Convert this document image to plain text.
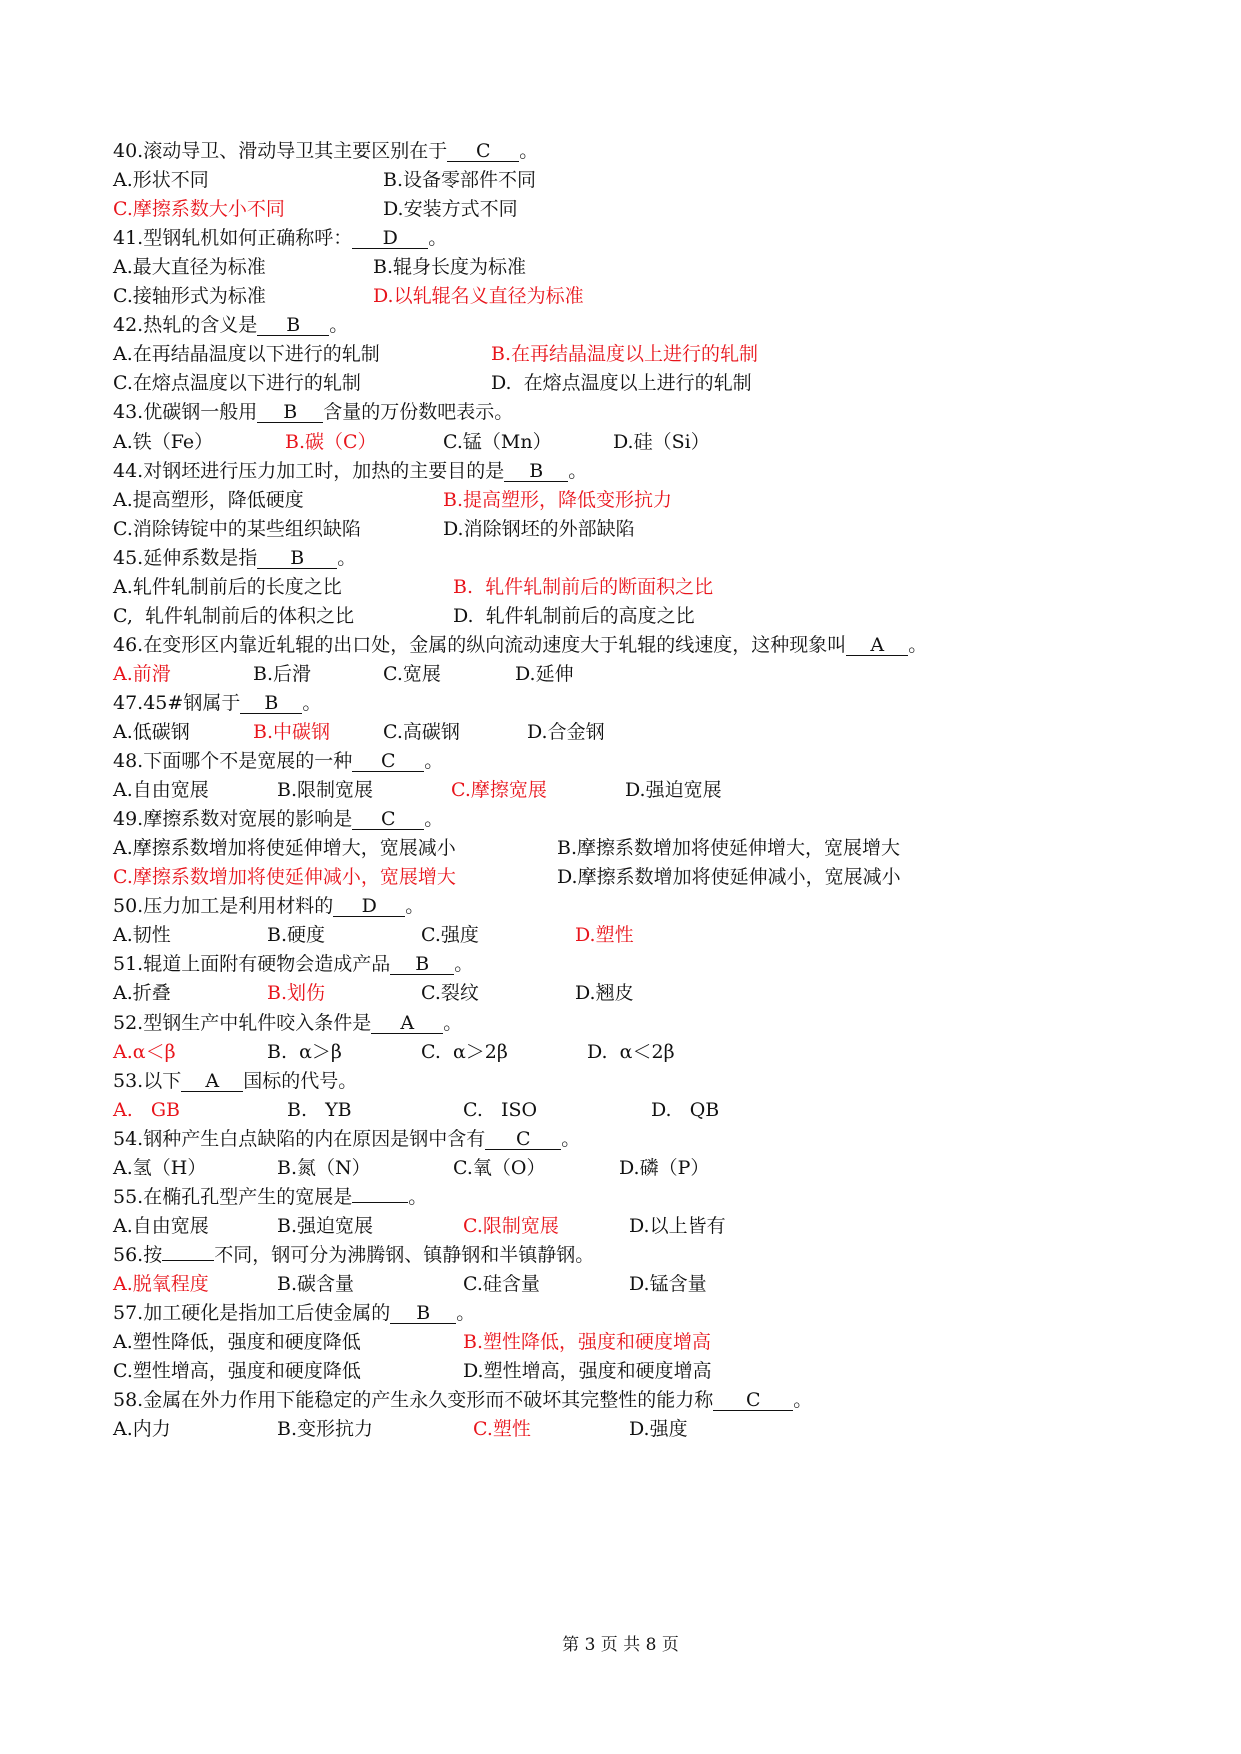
第 3 页 共 8 页
40.滚动导卫、滑动导卫其主要区别在于 C 。
A.形状不同	B.设备零部件不同
C.摩擦系数大小不同	D.安装方式不同
41.型钢轧机如何正确称呼： D 。
A.最大直径为标准	B.辊身长度为标准
C.接轴形式为标准	D.以轧辊名义直径为标准
42.热轧的含义是 B 。
A.在再结晶温度以下进行的轧制	B.在再结晶温度以上进行的轧制
C.在熔点温度以下进行的轧制	D.  在熔点温度以上进行的轧制
43.优碳钢一般用 B 含量的万份数吧表示。
A.铁（Fe）	B.碳（C）	C.锰（Mn）	D.硅（Si）
44.对钢坯进行压力加工时，加热的主要目的是 B 。
A.提高塑形，降低硬度	B.提高塑形，降低变形抗力
C.消除铸锭中的某些组织缺陷	D.消除钢坯的外部缺陷
45.延伸系数是指 B 。
A.轧件轧制前后的长度之比	B.  轧件轧制前后的断面积之比
C,  轧件轧制前后的体积之比	D.  轧件轧制前后的高度之比
46.在变形区内靠近轧辊的出口处，金属的纵向流动速度大于轧辊的线速度，这种现象叫 A 。
A.前滑	B.后滑	C.宽展	D.延伸
47.45#钢属于 B 。
A.低碳钢	B.中碳钢	C.高碳钢	D.合金钢
48.下面哪个不是宽展的一种 C 。
A.自由宽展	B.限制宽展	C.摩擦宽展	D.强迫宽展
49.摩擦系数对宽展的影响是 C 。
A.摩擦系数增加将使延伸增大，宽展减小	B.摩擦系数增加将使延伸增大，宽展增大
C.摩擦系数增加将使延伸减小，宽展增大	D.摩擦系数增加将使延伸减小，宽展减小
50.压力加工是利用材料的 D 。
A.韧性	B.硬度	C.强度	D.塑性
51.辊道上面附有硬物会造成产品 B 。
A.折叠	B.划伤	C.裂纹	D.翘皮
52.型钢生产中轧件咬入条件是 A 。
A.α＜β	B.  α＞β	C.  α＞2β	D.  α＜2β
53.以下 A 国标的代号。
A.   GB	B.   YB	C.   ISO	D.   QB
54.钢种产生白点缺陷的内在原因是钢中含有 C 。
A.氢（H）	B.氮（N）	C.氧（O）	D.磷（P）
55.在椭孔孔型产生的宽展是	。
A.自由宽展	B.强迫宽展	C.限制宽展	D.以上皆有
56.按	不同，钢可分为沸腾钢、镇静钢和半镇静钢。
A.脱氧程度	B.碳含量	C.硅含量	D.锰含量
57.加工硬化是指加工后使金属的 B 。
A.塑性降低，强度和硬度降低	B.塑性降低，强度和硬度增高
C.塑性增高，强度和硬度降低	D.塑性增高，强度和硬度增高
58.金属在外力作用下能稳定的产生永久变形而不破坏其完整性的能力称 C 。
A.内力	B.变形抗力	C.塑性	D.强度
